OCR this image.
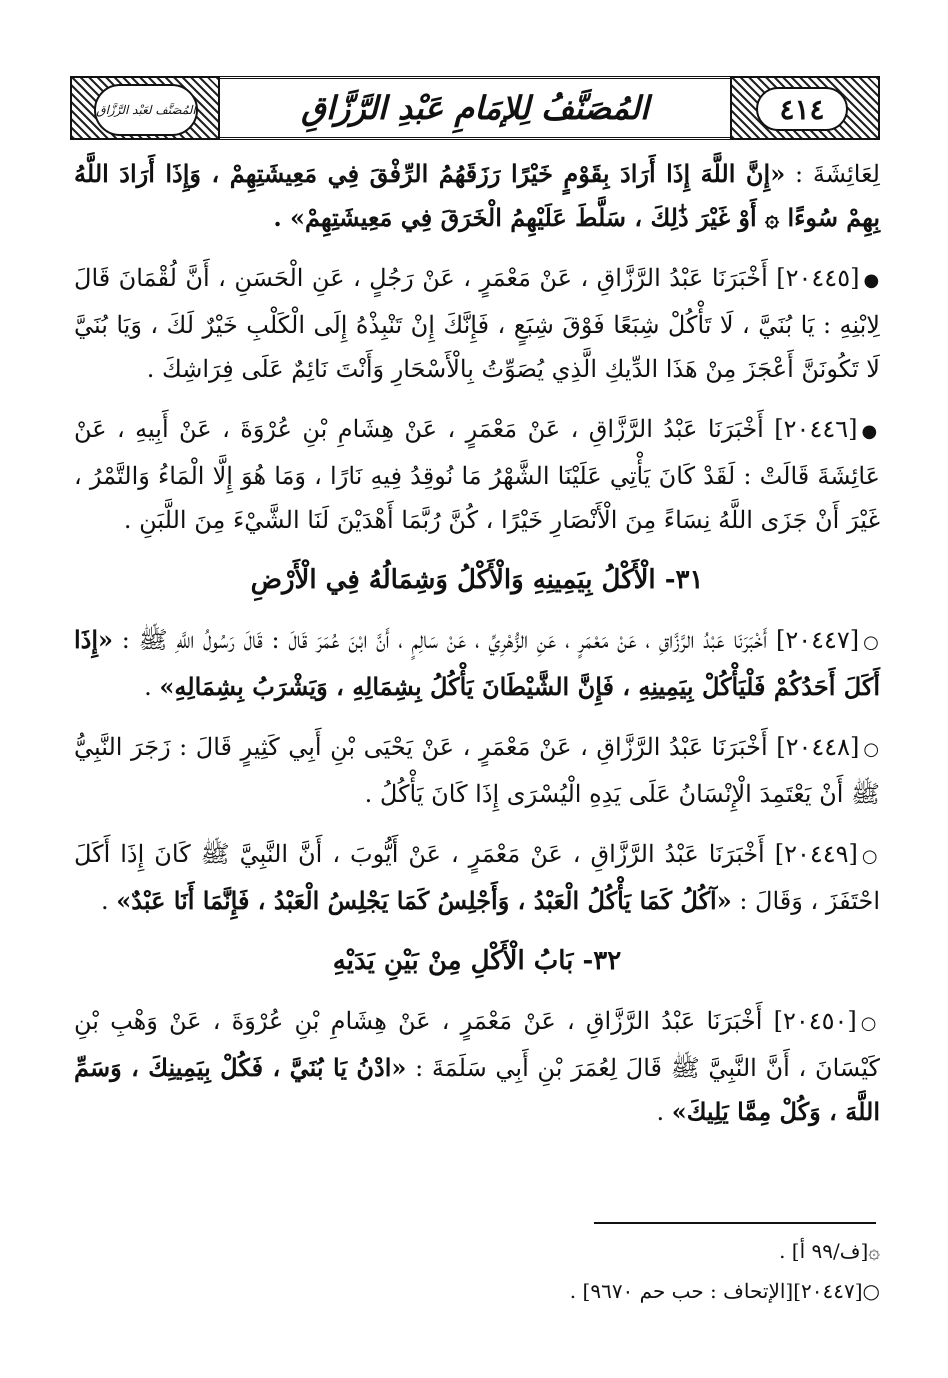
المُصَنَّف لعَبْد الرَّزَّاق	المُصَنَّفُ لِلإمَامِ عَبْدِ الرَّزَّاقِ	٤١٤

لِعَائِشَةَ : «إِنَّ اللَّهَ إِذَا أَرَادَ بِقَوْمٍ خَيْرًا رَزَقَهُمُ الرِّفْقَ فِي مَعِيشَتِهِمْ ، وَإِذَا أَرَادَ اللَّهُ بِهِمْ سُوءًا ۞ أَوْ غَيْرَ ذَٰلِكَ ، سَلَّطَ عَلَيْهِمُ الْخَرَقَ فِي مَعِيشَتِهِمْ» .

●[٢٠٤٤٥] أَخْبَرَنَا عَبْدُ الرَّزَّاقِ ، عَنْ مَعْمَرٍ ، عَنْ رَجُلٍ ، عَنِ الْحَسَنِ ، أَنَّ لُقْمَانَ قَالَ لِابْنِهِ : يَا بُنَيَّ ، لَا تَأْكُلْ شِبَعًا فَوْقَ شِبَعٍ ، فَإِنَّكَ إِنْ تَنْبِذْهُ إِلَى الْكَلْبِ خَيْرٌ لَكَ ، وَيَا بُنَيَّ لَا تَكُونَنَّ أَعْجَزَ مِنْ هَذَا الدِّيكِ الَّذِي يُصَوِّتُ بِالْأَسْحَارِ وَأَنْتَ نَائِمٌ عَلَى فِرَاشِكَ .

●[٢٠٤٤٦] أَخْبَرَنَا عَبْدُ الرَّزَّاقِ ، عَنْ مَعْمَرٍ ، عَنْ هِشَامِ بْنِ عُرْوَةَ ، عَنْ أَبِيهِ ، عَنْ عَائِشَةَ قَالَتْ : لَقَدْ كَانَ يَأْتِي عَلَيْنَا الشَّهْرُ مَا نُوقِدُ فِيهِ نَارًا ، وَمَا هُوَ إِلَّا الْمَاءُ وَالتَّمْرُ ، غَيْرَ أَنْ جَزَى اللَّهُ نِسَاءً مِنَ الْأَنْصَارِ خَيْرًا ، كُنَّ رُبَّمَا أَهْدَيْنَ لَنَا الشَّيْءَ مِنَ اللَّبَنِ .

٣١- الْأَكْلُ بِيَمِينِهِ وَالْأَكْلُ وَشِمَالُهُ فِي الْأَرْضِ

○[٢٠٤٤٧] أَخْبَرَنَا عَبْدُ الرَّزَّاقِ ، عَنْ مَعْمَرٍ ، عَنِ الزُّهْرِيِّ ، عَنْ سَالِمٍ ، أَنَّ ابْنَ عُمَرَ قَالَ : قَالَ رَسُولُ اللَّهِ ﷺ : «إِذَا أَكَلَ أَحَدُكُمْ فَلْيَأْكُلْ بِيَمِينِهِ ، فَإِنَّ الشَّيْطَانَ يَأْكُلُ بِشِمَالِهِ ، وَيَشْرَبُ بِشِمَالِهِ» .

○[٢٠٤٤٨] أَخْبَرَنَا عَبْدُ الرَّزَّاقِ ، عَنْ مَعْمَرٍ ، عَنْ يَحْيَى بْنِ أَبِي كَثِيرٍ قَالَ : زَجَرَ النَّبِيُّ ﷺ أَنْ يَعْتَمِدَ الْإِنْسَانُ عَلَى يَدِهِ الْيُسْرَى إِذَا كَانَ يَأْكُلُ .

○[٢٠٤٤٩] أَخْبَرَنَا عَبْدُ الرَّزَّاقِ ، عَنْ مَعْمَرٍ ، عَنْ أَيُّوبَ ، أَنَّ النَّبِيَّ ﷺ كَانَ إِذَا أَكَلَ احْتَفَزَ ، وَقَالَ : «آكُلُ كَمَا يَأْكُلُ الْعَبْدُ ، وَأَجْلِسُ كَمَا يَجْلِسُ الْعَبْدُ ، فَإِنَّمَا أَنَا عَبْدٌ» .

٣٢- بَابُ الْأَكْلِ مِنْ بَيْنِ يَدَيْهِ

○[٢٠٤٥٠] أَخْبَرَنَا عَبْدُ الرَّزَّاقِ ، عَنْ مَعْمَرٍ ، عَنْ هِشَامِ بْنِ عُرْوَةَ ، عَنْ وَهْبِ بْنِ كَيْسَانَ ، أَنَّ النَّبِيَّ ﷺ قَالَ لِعُمَرَ بْنِ أَبِي سَلَمَةَ : «ادْنُ يَا بُنَيَّ ، فَكُلْ بِيَمِينِكَ ، وَسَمِّ اللَّهَ ، وَكُلْ مِمَّا يَلِيكَ» .

۞[ف/٩٩ أ] .

○[٢٠٤٤٧][الإتحاف : حب حم ٩٦٧٠] .
